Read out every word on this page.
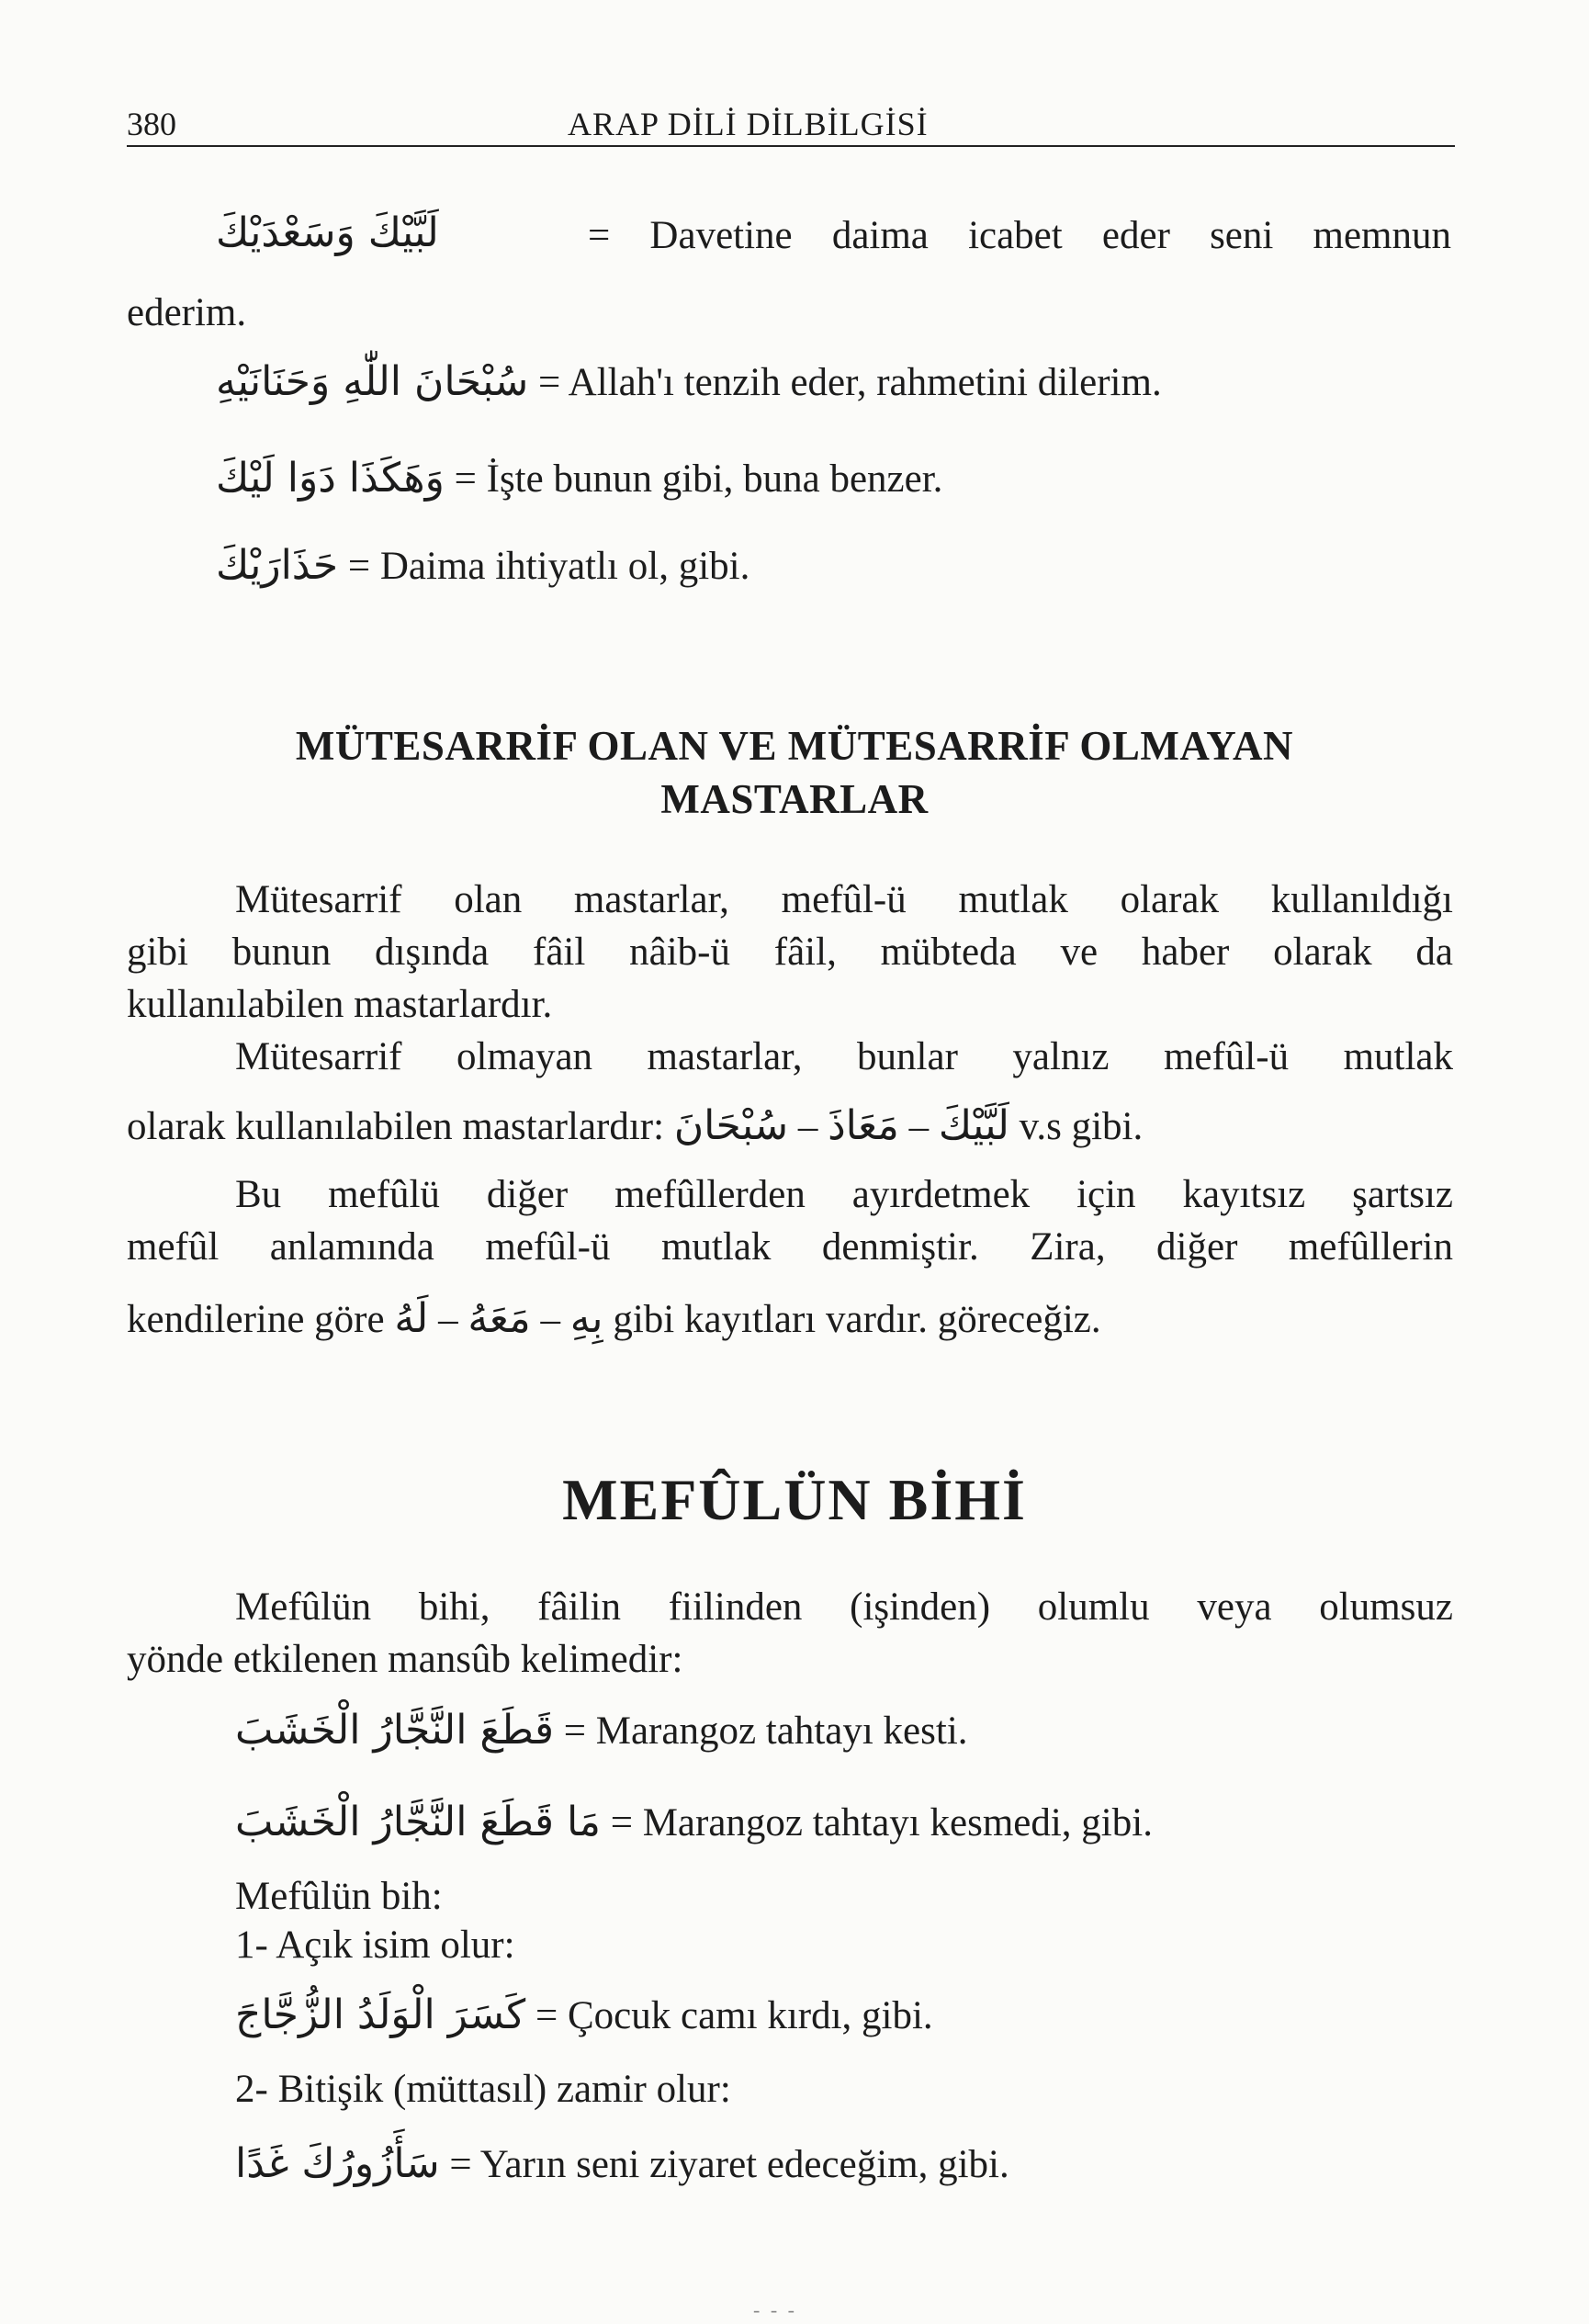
380	ARAP DİLİ DİLBİLGİSİ
لَبَّيْكَ وَسَعْدَيْكَ	= Davetine daima icabet eder seni memnun
ederim.
سُبْحَانَ اللّٰهِ وَحَنَانَيْهِ = Allah'ı tenzih eder, rahmetini dilerim.
وَهَكَذَا دَوَا لَيْكَ = İşte bunun gibi, buna benzer.
حَذَارَيْكَ = Daima ihtiyatlı ol, gibi.
MÜTESARRİF OLAN VE MÜTESARRİF OLMAYAN
MASTARLAR
Mütesarrif olan mastarlar, mefûl-ü mutlak olarak kullanıldığı
gibi bunun dışında fâil nâib-ü fâil, mübteda ve haber olarak da
kullanılabilen mastarlardır.
Mütesarrif olmayan mastarlar, bunlar yalnız mefûl-ü mutlak
olarak kullanılabilen mastarlardır: سُبْحَانَ – مَعَاذَ – لَبَّيْكَ v.s gibi.
Bu mefûlü diğer mefûllerden ayırdetmek için kayıtsız şartsız
mefûl anlamında mefûl-ü mutlak denmiştir. Zira, diğer mefûllerin
kendilerine göre لَهُ – مَعَهُ – بِهِ gibi kayıtları vardır. göreceğiz.
MEFÛLÜN BİHİ
Mefûlün bihi, fâilin fiilinden (işinden) olumlu veya olumsuz
yönde etkilenen mansûb kelimedir:
قَطَعَ النَّجَّارُ الْخَشَبَ = Marangoz tahtayı kesti.
مَا قَطَعَ النَّجَّارُ الْخَشَبَ = Marangoz tahtayı kesmedi, gibi.
Mefûlün bih:
1- Açık isim olur:
كَسَرَ الْوَلَدُ الزُّجَّاجَ = Çocuk camı kırdı, gibi.
2- Bitişik (müttasıl) zamir olur:
سَأَزُورُكَ غَدًا = Yarın seni ziyaret edeceğim, gibi.
- - -
